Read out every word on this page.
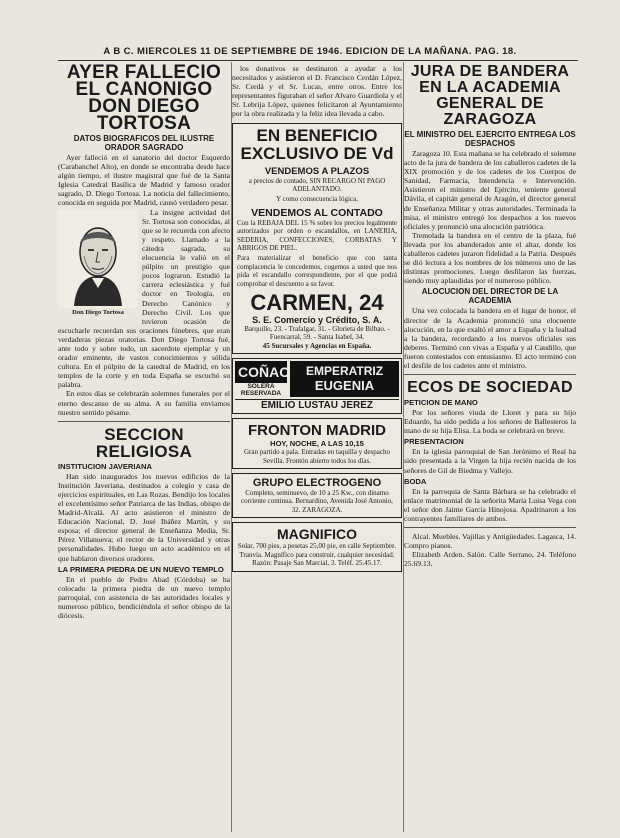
A B C. MIERCOLES 11 DE SEPTIEMBRE DE 1946. EDICION DE LA MAÑANA. PAG. 18.
AYER FALLECIO EL CANONIGO DON DIEGO TORTOSA
DATOS BIOGRAFICOS DEL ILUSTRE ORADOR SAGRADO

Ayer falleció en el sanatorio del doctor Esquerdo (Carabanchel Alto), en donde se encontraba desde hace algún tiempo, el ilustre magistral que fué de la Santa Iglesia Catedral Basílica de Madrid y famoso orador sagrado, D. Diego Tortosa. La noticia del fallecimiento, conocida en seguida por Madrid, causó verdadero pesar.

Don Diego Tortosa

La insigne actividad del Sr. Tortosa son conocidas, al que se le recuerda con afecto y respeto. Llamado a la cátedra sagrada, su elocuencia le valió en el púlpito un prestigio que pocos lograron. Estudió la carrera eclesiástica y fué doctor en Teología, en Derecho Canónico y Derecho Civil. Los que tuvieron ocasión de escucharle recuerdan sus oraciones fúnebres, que eran verdaderas piezas oratorias. Don Diego Tortosa fué, ante todo y sobre todo, un sacerdote ejemplar y un orador eminente, de vastos conocimientos y sólida cultura. En el púlpito de la catedral de Madrid, en los templos de la corte y en toda España se escuchó su palabra.

En estos días se celebrarán solemnes funerales por el eterno descanso de su alma. A su familia enviamos nuestro sentido pésame.

SECCION RELIGIOSA
INSTITUCION JAVERIANA

Han sido inaugurados los nuevos edificios de la Institución Javeriana, destinados a colegio y casa de ejercicios espirituales, en Las Rozas. Bendijo los locales el excelentísimo señor Patriarca de las Indias, obispo de Madrid-Alcalá. Al acto asistieron el ministro de Educación Nacional, D. José Ibáñez Martín, y su esposa; el director general de Enseñanza Media, Sr. Pérez Villanueva; el rector de la Universidad y otras personalidades. Hubo luego un acto académico en el que hablaron diversos oradores.

LA PRIMERA PIEDRA DE UN NUEVO TEMPLO

En el pueblo de Pedro Abad (Córdoba) se ha colocado la primera piedra de un nuevo templo parroquial, con asistencia de las autoridades locales y numeroso público, bendiciéndola el señor obispo de la diócesis.

los donativos se destinaron a ayudar a los necesitados y asistieron el D. Francisco Cerdán López, Sr. Cerdá y el Sr. Lucas, entre otros. Entre los representantes figuraban el señor Alvaro Guardiola y el Sr. Lebrija López, quienes felicitaron al Ayuntamiento por la obra realizada y la feliz idea llevada a cabo.

EN BENEFICIO
EXCLUSIVO DE Vd
VENDEMOS A PLAZOS
a precios de contado, SIN RECARGO NI PAGO ADELANTADO.
Y como consecuencia lógica,
VENDEMOS AL CONTADO
Con la REBAJA DEL 15 % sobre los precios legalmente autorizados por orden o escandallos, en LANERIA, SEDERIA, CONFECCIONES, CORBATAS Y ABRIGOS DE PIEL.
Para materializar el beneficio que con tanta complacencia le concedemos, cogemos a usted que nos pida el escandallo correspondiente, por el que podrá comprobar el descuento a su favor.
CARMEN, 24
S. E. Comercio y Crédito, S. A.
Barquillo, 23. - Trafalgar, 31. - Glorieta de Bilbao. - Fuencarral, 59. - Santa Isabel, 34.
45 Sucursales y Agencias en España.
COÑAC
SOLERA RESERVADA
EMPERATRIZ
EUGENIA
EMILIO LUSTAU JEREZ
FRONTON MADRID
HOY, NOCHE, A LAS 10,15
Gran partido a pala. Entradas en taquilla y despacho Sevilla. Frontón abierto todos los días.
GRUPO ELECTROGENO
Completo, seminuevo, de 10 a 25 Kw., con dinamo corriente continua. Bernardino, Avenida José Antonio, 32. ZARAGOZA.
MAGNIFICO
Solar, 700 pies, a pesetas 25,00 pie, en calle Septiembre. Tranvía. Magnífico para construir, cualquier necesidad. Razón: Pasaje San Marcial, 3. Teléf. 25.45.17.
JURA DE BANDERA EN LA ACADEMIA GENERAL DE ZARAGOZA
EL MINISTRO DEL EJERCITO ENTREGA LOS DESPACHOS

Zaragoza 10. Esta mañana se ha celebrado el solemne acto de la jura de bandera de los caballeros cadetes de la XIX promoción y de los cadetes de los Cuerpos de Sanidad, Farmacia, Intendencia e Intervención. Asistieron el ministro del Ejército, teniente general Dávila, el capitán general de Aragón, el director general de Enseñanza Militar y otras autoridades. Terminada la misa, el ministro entregó los despachos a los nuevos oficiales y pronunció una alocución patriótica.

Tremolada la bandera en el centro de la plaza, fué llevada por los abanderados ante el altar, donde los caballeros cadetes juraron fidelidad a la Patria. Después se dió lectura a los nombres de los números uno de las distintas promociones. Luego desfilaron las fuerzas, siendo muy aplaudidas por el numeroso público.

ALOCUCION DEL DIRECTOR DE LA ACADEMIA

Una vez colocada la bandera en el lugar de honor, el director de la Academia pronunció una elocuente alocución, en la que exaltó el amor a España y la lealtad a la bandera, recordando a los nuevos oficiales sus deberes. Terminó con vivas a España y al Caudillo, que fueron contestados con entusiasmo. El acto terminó con el desfile de los cadetes ante el ministro.

ECOS DE SOCIEDAD
PETICION DE MANO

Por los señores viuda de Lloret y para su hijo Eduardo, ha sido pedida a los señores de Ballesteros la mano de su hija Elisa. La boda se celebrará en breve.

PRESENTACION

En la iglesia parroquial de San Jerónimo el Real ha sido presentada a la Virgen la hija recién nacida de los señores de Gil de Biedma y Vallejo.

BODA

En la parroquia de Santa Bárbara se ha celebrado el enlace matrimonial de la señorita María Luisa Vega con el señor don Jaime García Hinojosa. Apadrinaron a los contrayentes familiares de ambos.

Alcal. Muebles. Vajillas y Antigüedades. Lagasca, 14. Compro pianos.

Elizabeth Arden. Salón. Calle Serrano, 24. Teléfono 25.69.13.
